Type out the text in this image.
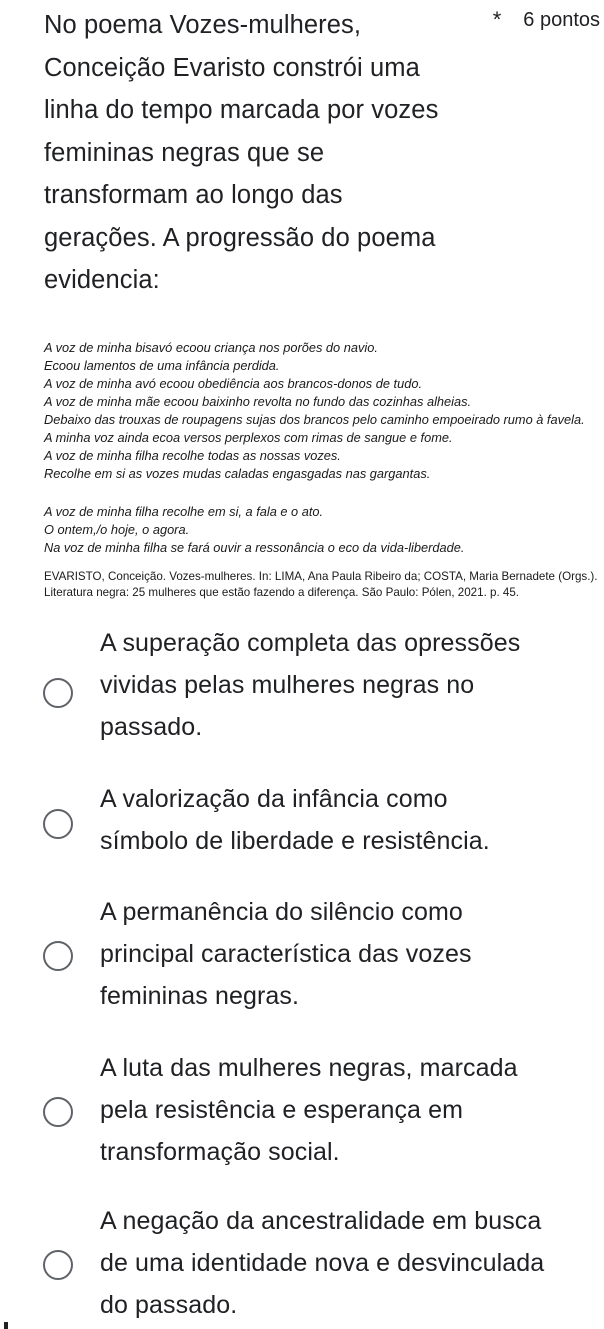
No poema Vozes-mulheres,
Conceição Evaristo constrói uma
linha do tempo marcada por vozes
femininas negras que se
transformam ao longo das
gerações. A progressão do poema
evidencia:
* 6 pontos
A voz de minha bisavó ecoou criança nos porões do navio.
Ecoou lamentos de uma infância perdida.
A voz de minha avó ecoou obediência aos brancos-donos de tudo.
A voz de minha mãe ecoou baixinho revolta no fundo das cozinhas alheias.
Debaixo das trouxas de roupagens sujas dos brancos pelo caminho empoeirado rumo à favela.
A minha voz ainda ecoa versos perplexos com rimas de sangue e fome.
A voz de minha filha recolhe todas as nossas vozes.
Recolhe em si as vozes mudas caladas engasgadas nas gargantas.
A voz de minha filha recolhe em si, a fala e o ato.
O ontem,/o hoje, o agora.
Na voz de minha filha se fará ouvir a ressonância o eco da vida-liberdade.
EVARISTO, Conceição. Vozes-mulheres. In: LIMA, Ana Paula Ribeiro da; COSTA, Maria Bernadete (Orgs.).
Literatura negra: 25 mulheres que estão fazendo a diferença. São Paulo: Pólen, 2021. p. 45.
A superação completa das opressões
vividas pelas mulheres negras no
passado.
A valorização da infância como
símbolo de liberdade e resistência.
A permanência do silêncio como
principal característica das vozes
femininas negras.
A luta das mulheres negras, marcada
pela resistência e esperança em
transformação social.
A negação da ancestralidade em busca
de uma identidade nova e desvinculada
do passado.
